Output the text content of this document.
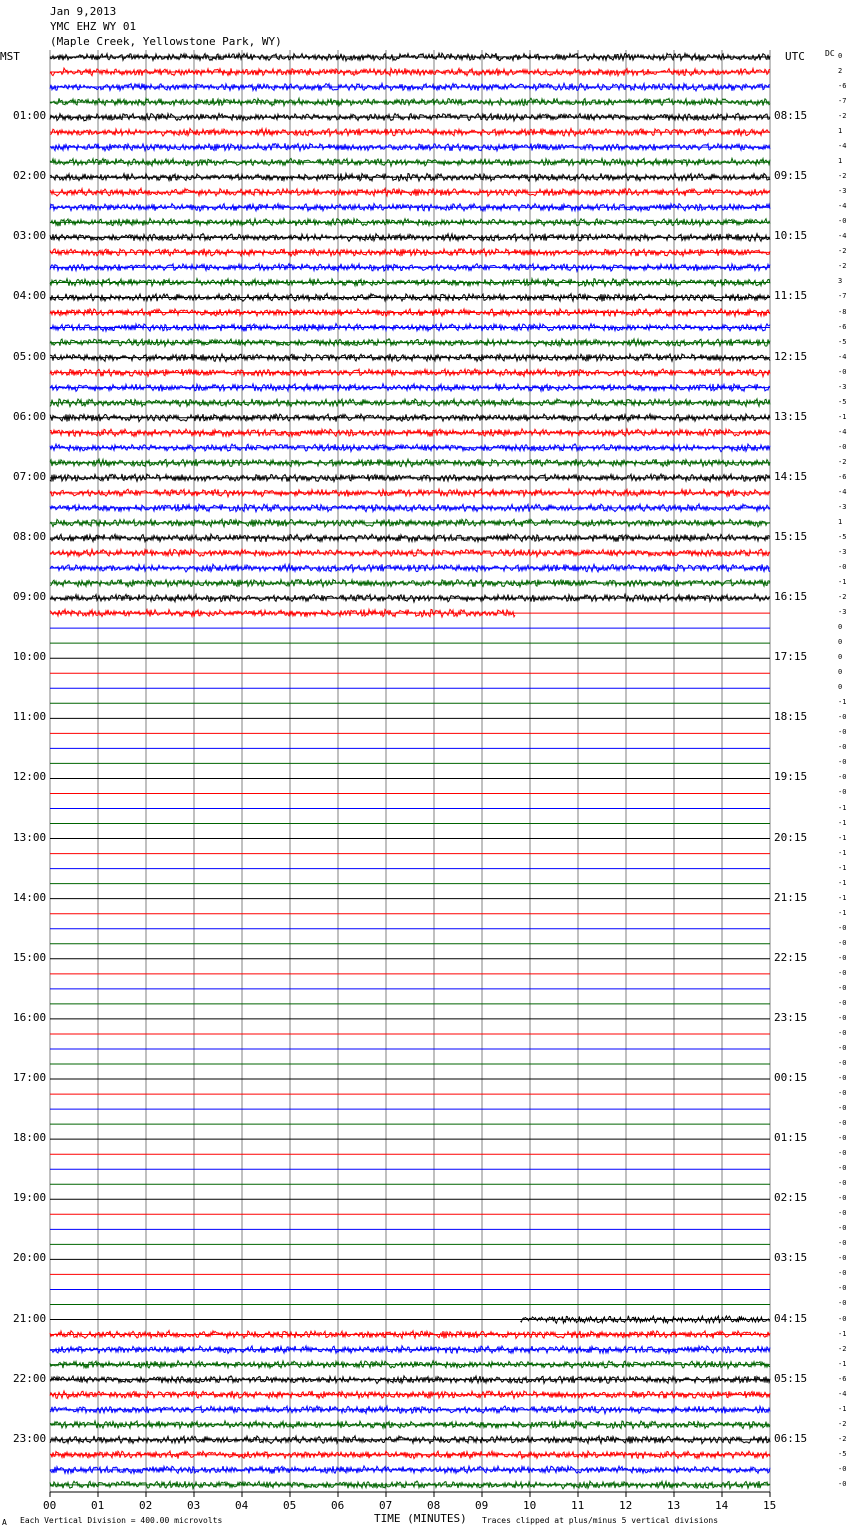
Jan 9,2013
YMC EHZ WY 01
(Maple Creek, Yellowstone Park, WY)
MST	UTC	DC
01:00
02:00
03:00
04:00
05:00
06:00
07:00
08:00
09:00
10:00
11:00
12:00
13:00
14:00
15:00
16:00
17:00
18:00
19:00
20:00
21:00
22:00
23:00
08:15
09:15
10:15
11:15
12:15
13:15
14:15
15:15
16:15
17:15
18:15
19:15
20:15
21:15
22:15
23:15
00:15
01:15
02:15
03:15
04:15
05:15
06:15
0
2
-6
-7
-2
1
-4
1
-2
-3
-4
-0
-4
-2
-2
3
-7
-8
-6
-5
-4
-0
-3
-5
-1
-4
-0
-2
-6
-4
-3
1
-5
-3
-0
-1
-2
-3
0
0
0
0
0
-1
-0
-0
-0
-0
-0
-0
-1
-1
-1
-1
-1
-1
-1
-1
-0
-0
-0
-0
-0
-0
-0
-0
-0
-0
-0
-0
-0
-0
-0
-0
-0
-0
-0
-0
-0
-0
-0
-0
-0
-0
-0
-1
-2
-1
-6
-4
-1
-2
-2
-5
-0
-0
00	01	02	03	04	05	06	07	08	09	10	11	12	13	14	15
TIME (MINUTES)
Each Vertical Division = 400.00 microvolts	Traces clipped at plus/minus 5 vertical divisions
A
